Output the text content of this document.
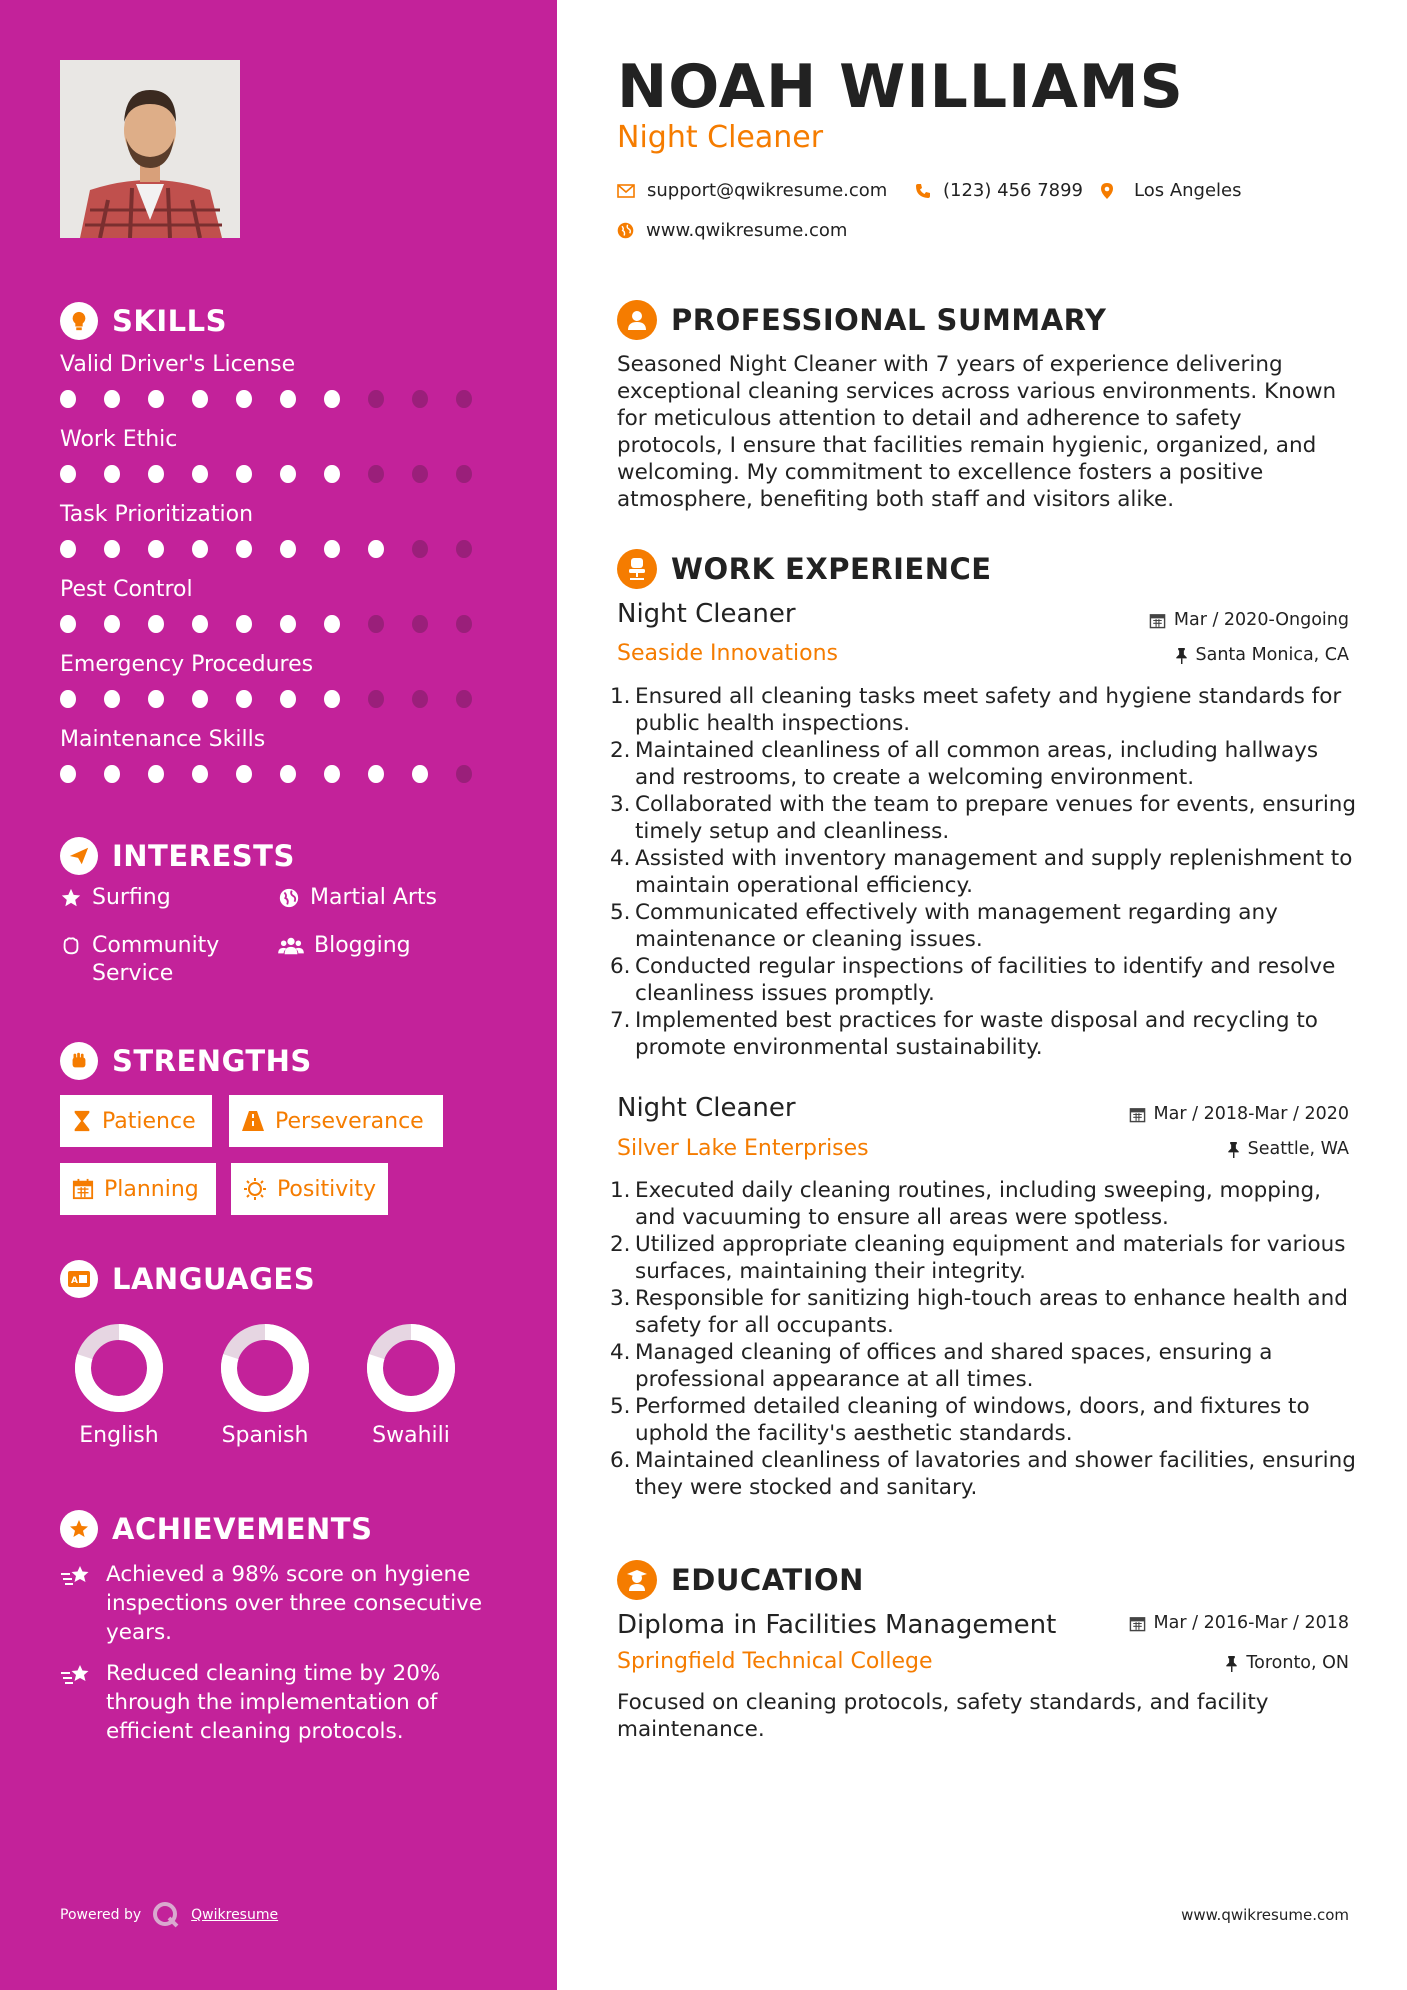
SKILLS
Valid Driver's License
Work Ethic
Task Prioritization
Pest Control
Emergency Procedures
Maintenance Skills
INTERESTS
Surfing	Martial Arts
Community Service
Blogging
STRENGTHS
Patience	Perseverance
Planning	Positivity
A LANGUAGES
English	Spanish	Swahili
ACHIEVEMENTS
Achieved a 98% score on hygiene inspections over three consecutive years.
Reduced cleaning time by 20% through the implementation of efficient cleaning protocols.
Powered by	Qwikresume
NOAH WILLIAMS
Night Cleaner
support@qwikresume.com	(123) 456 7899	Los Angeles
www.qwikresume.com
PROFESSIONAL SUMMARY
Seasoned Night Cleaner with 7 years of experience delivering exceptional cleaning services across various environments. Known for meticulous attention to detail and adherence to safety protocols, I ensure that facilities remain hygienic, organized, and welcoming. My commitment to excellence fosters a positive atmosphere, benefiting both staff and visitors alike.
WORK EXPERIENCE
Night Cleaner	Mar / 2020-Ongoing
Seaside Innovations	Santa Monica, CA
1. Ensured all cleaning tasks meet safety and hygiene standards for public health inspections.
2. Maintained cleanliness of all common areas, including hallways and restrooms, to create a welcoming environment.
3. Collaborated with the team to prepare venues for events, ensuring timely setup and cleanliness.
4. Assisted with inventory management and supply replenishment to maintain operational efficiency.
5. Communicated effectively with management regarding any maintenance or cleaning issues.
6. Conducted regular inspections of facilities to identify and resolve cleanliness issues promptly.
7. Implemented best practices for waste disposal and recycling to promote environmental sustainability.
Night Cleaner	Mar / 2018-Mar / 2020
Silver Lake Enterprises	Seattle, WA
1. Executed daily cleaning routines, including sweeping, mopping, and vacuuming to ensure all areas were spotless.
2. Utilized appropriate cleaning equipment and materials for various surfaces, maintaining their integrity.
3. Responsible for sanitizing high-touch areas to enhance health and safety for all occupants.
4. Managed cleaning of offices and shared spaces, ensuring a professional appearance at all times.
5. Performed detailed cleaning of windows, doors, and fixtures to uphold the facility's aesthetic standards.
6. Maintained cleanliness of lavatories and shower facilities, ensuring they were stocked and sanitary.
EDUCATION
Diploma in Facilities Management	Mar / 2016-Mar / 2018
Springfield Technical College	Toronto, ON
Focused on cleaning protocols, safety standards, and facility maintenance.
www.qwikresume.com
